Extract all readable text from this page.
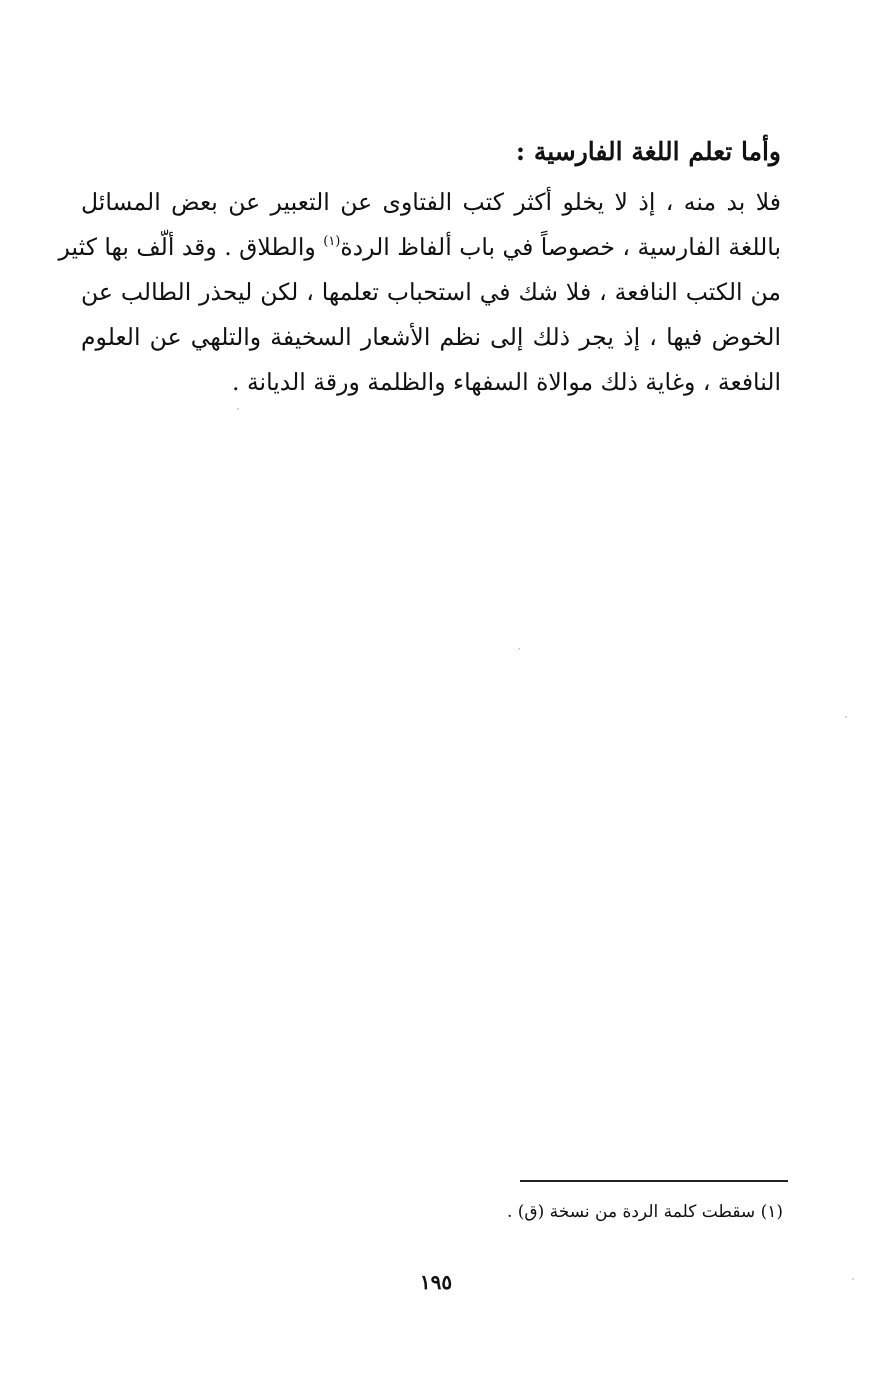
وأما تعلم اللغة الفارسية :
فلا بد منه ، إذ لا يخلو أكثر كتب الفتاوى عن التعبير عن بعض المسائل
باللغة الفارسية ، خصوصاً في باب ألفاظ الردة$^{(١)}$ والطلاق . وقد ألّف بها كثير
من الكتب النافعة ، فلا شك في استحباب تعلمها ، لكن ليحذر الطالب عن
الخوض فيها ، إذ يجر ذلك إلى نظم الأشعار السخيفة والتلهي عن العلوم
النافعة ، وغاية ذلك موالاة السفهاء والظلمة ورقة الديانة .
(١) سقطت كلمة الردة من نسخة (ق) .
١٩٥
